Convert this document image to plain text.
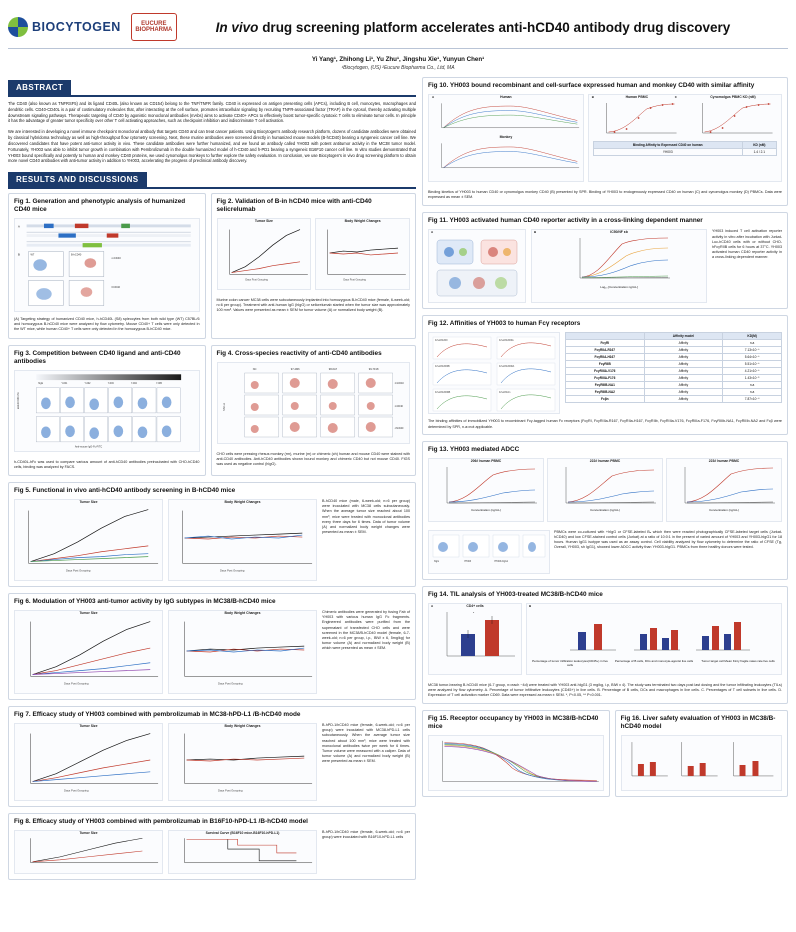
BIOCYTOGEN	EUCURE BIOPHARMA	In vivo drug screening platform accelerates anti-hCD40 antibody drug discovery
Yi Yang¹, Zhihong Li¹, Yu Zhu¹, Jingshu Xie¹, Yunyun Chen¹
¹Biocytogen, (US) ²Eucure Biopharma Co., Ltd, MA
ABSTRACT

The CD40 (also known as TNFRSF5) and its ligand CD40L (also known as CD154) belong to the TNF/TNFR family. CD40 is expressed on antigen presenting cells (APCs), including B cell, monocytes, macrophages and dendritic cells. CD40-CD40L is a pair of costimulatory molecules that, after interacting at the cell surface, promotes intracellular signaling by recruiting TNFR-associated factor (TRAF) in the cytosol, thereby activating multiple downstream signaling pathways. Therapeutic targeting of CD40 by agonistic monoclonal antibodies (mAbs) aims to activate CD40+ APCs to effectively boost tumor-specific cytotoxic T cells to eliminate tumor cells. In principle it has the advantage of greater tumor specificity over other T cell activating approaches, such as checkpoint inhibition and indiscriminate T cell activation.

We are interested in developing a novel immune checkpoint monoclonal antibody that targets CD40 and can treat cancer patients. Using Biocytogen's antibody research platform, dozens of candidate antibodies were obtained by classical hybridoma technology as well as high-throughput flow cytometry screening. Next, these murine antibodies were screened directly in humanized mouse models (B-hCD40) bearing a syngeneic cancer cell line. We discovered candidates that have potent anti-tumor activity in vivo. These candidate antibodies were further humanized, and we found an antibody called YH003 with potent antitumor activity in the MC38 tumor model. Fortunately, YH003 was able to inhibit tumor growth in combination with Pembrolizumab in the double humanized model of h-CD40 and h-PD1 bearing a syngeneic B16F10 cancer cell line. In vitro studies demonstrated that YH003 bound specifically and potently to human and monkey CD40 proteins, we used cynomolgus monkeys to further explore the safety evaluation. In conclusion, we use Biocytogen's in vivo drug screening platform to obtain more novel CD40 antibodies with anti-tumor activity in addition to YH003, accelerating the progress of preclinical antibody discovery.

RESULTS AND DISCUSSIONS
Fig 1. Generation and phenotypic analysis of humanized CD40 mice
A
B	WT	B-hCD40
mCD40
hCD40
(A) Targeting strategy of humanized CD40 mice, h-hCD40L (S8) spleocytes from both wild type (WT) C57BL/6 and homozygous B-hCD40 mice were analyzed by flow cytometry. Mouse CD40+ T cells were only detected in the WT mice, while human CD40+ T cells were only detected in the homozygous B-hCD40 mice.
Fig 2. Validation of B-in hCD40 mice with anti-CD40 selicrelumab
Tumor Size
Days Post Grouping
Body Weight Changes
Days Post Grouping
Murine colon cancer MC38 cells were subcutaneously implanted into homozygous B-hCD40 mice (female, 6-week-old; n=6 per group). Treatment with anti-human IgG (hIgG) or selicrelumab started when the tumor size was approximately 100 mm³. Values were presented as mean ± SEM for tumor volume (A) or normalized body weight (B).
Fig 3. Competition between CD40 ligand and anti-CD40 antibodies
hIgG	Y-001	Y-002	Y-003	Y-004	Y-005
anti-hCD40-PE
Anti-mouse IgG-Fc-FITC
h-CD40L-hFc was used to compare various amount of anti-hCD40 antibodies preincubated with CHO-hCD40 cells, binding was analyzed by FACS.
Fig 4. Cross-species reactivity of anti-CD40 antibodies
NC	97-4M6	98-6A7	99-7F18
rmCD40
mCD40
chCD40
SSC-A
CHO cells were pressing rhesus monkey (rm), murine (m) or chimeric (ch) human and mouse CD40 were stained with anti-CD40 antibodies. Anti-hCD40 antibodies shown bound monkey and chimeric CD40 but not mouse CD40. FIGS was used as negative control (hIgG).
Fig 5. Functional in vivo anti-hCD40 antibody screening in B-hCD40 mice
Tumor Size
Days Post Grouping
Body Weight Changes
Days Post Grouping
B-hCD40 mice (male, 6-week-old; n=6 per group) were inoculated with MC38 cells subcutaneously. When the average tumor size reached about 100 mm³, mice were treated with monoclonal antibodies every three days for 6 times. Data of tumor volume (A) and normalized body weight changes were presented as mean ± SEM.
Fig 6. Modulation of YH003 anti-tumor activity by IgG subtypes in MC38/B-hCD40 mice
Tumor Size
Days Post Grouping
Body Weight Changes
Days Post Grouping
Chimeric antibodies were generated by fusing Fab of YH003 with various human IgG Fc fragments. Engineered antibodies were purified from the supernatant of transfected CHO cells and were screened in the MC38/B-hCD40 model (female, 6-7-week-old; n=6 per group, i.p., BIW x 6, 5mg/kg) for tumor volume (A) and normalized body weight (B) which were presented as mean ± SEM.
Fig 7. Efficacy study of YH003 combined with pembrolizumab in MC38-hPD-L1 /B-hCD40 mode
Tumor Size
Days Post Grouping
Body Weight Changes
Days Post Grouping
B-hPD-1/hCD40 mice (female, 6-week-old; n=6 per group) were inoculated with MC38-hPD-L1 cells subcutaneously. When the average tumor size reached about 100 mm³, mice were treated with monoclonal antibodies twice per week for 6 times. Tumor volume were measured with a caliper. Data of tumor volume (A) and normalized body weight (B) were presented as mean ± SEM.
Fig 8. Efficacy study of YH003 combined with pembrolizumab in B16F10-hPD-L1 /B-hCD40 model
Tumor Size	Survival Curve (B16F10 mice-B16F10-hPD-L1)	B-hPD-1/hCD40 mice (female, 6-week-old; n=6 per group) were inoculated with B16F10-hPD-L1 cells
Fig 10. YH003 bound recombinant and cell-surface expressed human and monkey CD40 with similar affinity
A	Human
Monkey
B	C
Human PBMC	Cynomolgus PBMC KD (nM)
Binding Affinity to Expressed CD40 on human	KD (nM)
YH003	1.4 / 2.1
Binding kinetics of YH003 to human CD40 or cynomolgus monkey CD40 (B) presented by SPR. Binding of YH003 to endogenously expressed CD40 on human (C) and cynomolgus monkey (D) PBMCs. Data were expressed as mean ± SEM.
Fig 11. YH003 activated human CD40 reporter activity in a cross-linking dependent manner
A	B	IC50/NF κb
Log₁₀ [Concentration ng/mL]
YH003 induced T cell activation reporter activity in vitro after incubation with Jurkat-Luc-hCD40 cells with or without CHO-hFcγRIIB cells for 6 hours at 37°C. YH003 activated human CD40 reporter activity in a cross-linking dependent manner.
Fig 12. Affinities of YH003 to human Fcγ receptors
Fc\u03b3RI	Fc\u03b3RIIA
Fc\u03b3RIIB	Fc\u03b3RIIIA
Fc\u03b3RIIIB	Fc\u03b2n
	Affinity model	KD(M)
FcγRI	Affinity	n.a
FcγRIIA-R167	Affinity	7.13×10⁻⁶
FcγRIIA-H167	Affinity	5.64×10⁻⁶
FcγRIIB	Affinity	5.51×10⁻⁶
FcγRIIIA-V176	Affinity	4.21×10⁻⁶
FcγRIIIA-F176	Affinity	1.43×10⁻⁵
FcγRIIIB-NA1	Affinity	n.a
FcγRIIIB-NA2	Affinity	n.a
Fcβn	Affinity	7.87×10⁻⁸
The binding affinities of immobilized YH003 to recombinant Fcγ-tagged human Fc receptors (FcγRI, FcγRIIIa-R167, FcγRIIa-H167, FcγRIIb, FcγRIIIa-V176, FcγRIIIa-F176, FcγRIIIb-NA1, FcγRIIIb-NA2 and Fcβ were determined by SPR, n.a=not applicable.
Fig 13. YH003 mediated ADCC
206# human PBMC
Concentration (ng/mL)
222# human PBMC
Concentration (ng/mL)
223# human PBMC
Concentration (ng/mL)
hIgG	YH003	YH003-hIgG1
PBMCs were co-cultured with +hIgG or CFSE-labeled Bₐ which then were reacted photographically CFSE-labeled target cells (Jurkat-hCD40) and low CFSE-stained control cells (Jurkat) at a ratio of 10:0:1 in the present of varied amount of YH003 and YH003-hIgG1 for 18 hours. Human IgG1 isotype was used as an assay control. Cell viability analyzed by flow cytometry to determine the ratio of CFSE (Tg, Overall, YH003, sh IgG1), showed lower ADCC activity than YH003-hIgG1. PBMCs from three healthy donors were tested.
Fig 14. TIL analysis of YH003-treated MC38/B-hCD40 mice
A	CD4+ cells
*
B
Percentage of tumor infiltration leukocytes(CD45+) in live cells
Percentage of B cells, DCs and monocyte-agonist live cells	Tumor target cell Mean Kinty fragile nates rate live cells
MC38 tumor-bearing B-hCD40 mice (6-7 group, n=each ~4d) were treated with YH003 anti-hIgG1 (3 mg/kg, i.p, BIW x 4). The study was terminated two days post last dosing and the tumor infiltrating leukocytes (TILs) were analyzed by flow cytometry. A. Percentage of tumor infiltrative leukocytes (CD45+) in live cells. B. Percentage of B cells, DCs and macrophages in live cells. C. Percentages of T cell subsets in live cells. D. Expression of T cell activation marker CD69. Data were expressed as mean ± SEM. *, P<0.05, ** P<0.001.
Fig 15. Receptor occupancy by YH003 in MC38/B-hCD40 mice
Fig 16. Liver safety evaluation of YH003 in MC38/B-hCD40 model
